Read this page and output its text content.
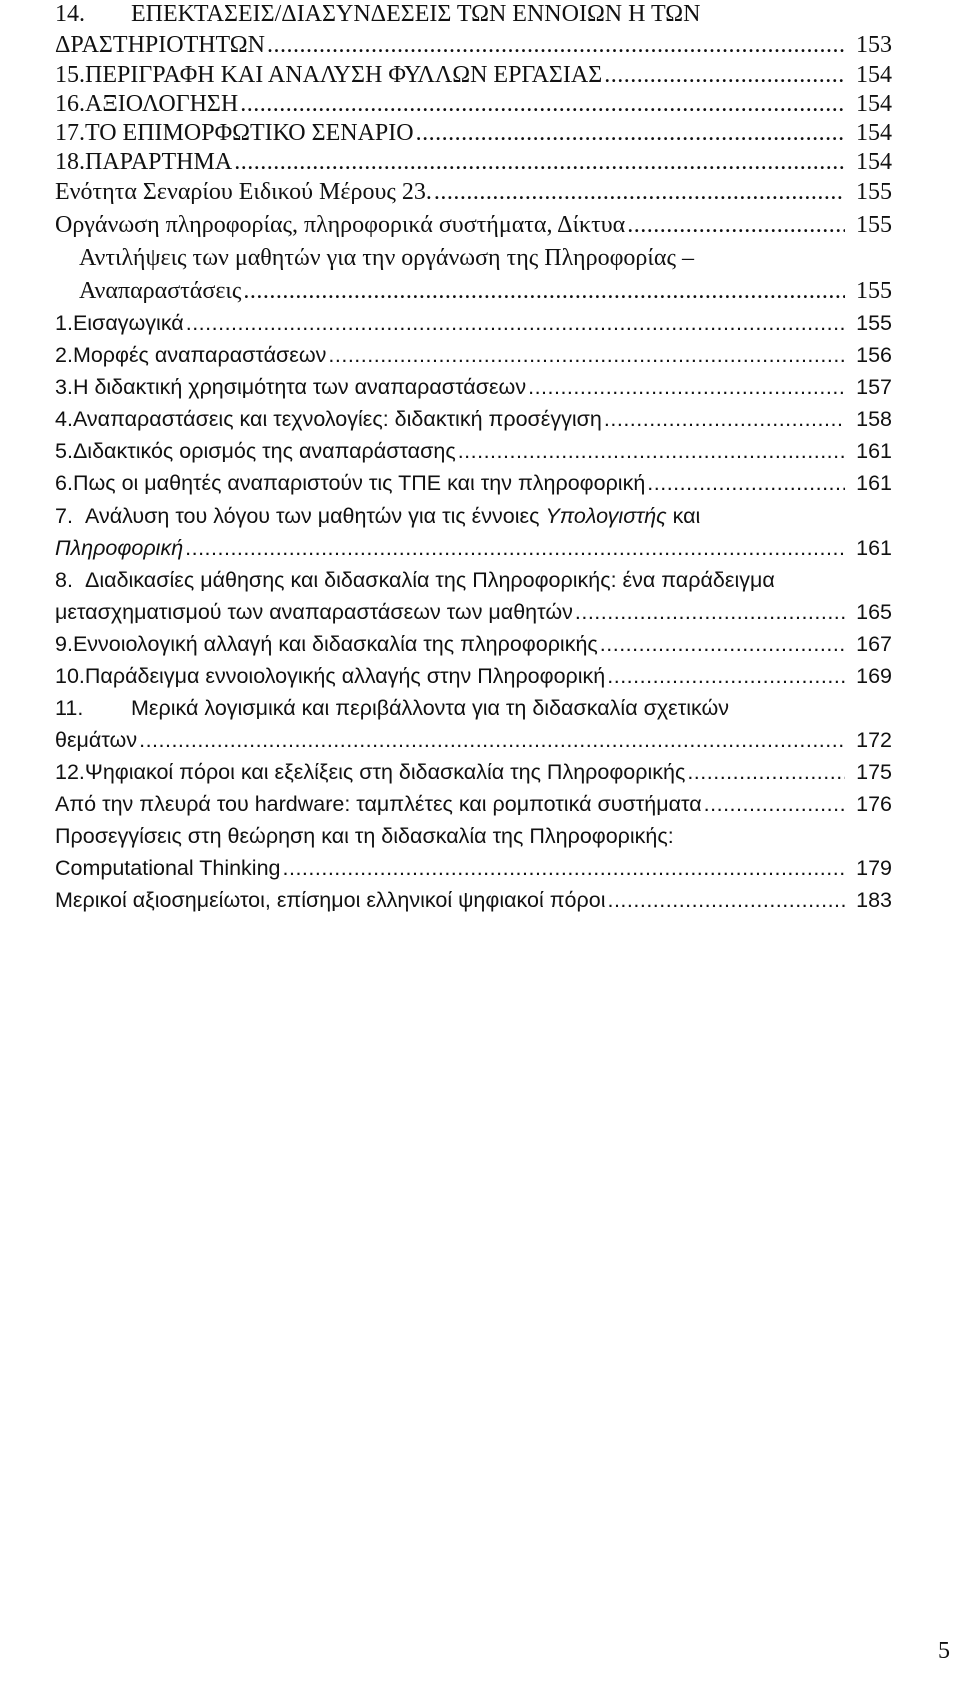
14. ΕΠΕΚΤΑΣΕΙΣ/ΔΙΑΣΥΝΔΕΣΕΙΣ ΤΩΝ ΕΝΝΟΙΩΝ Η ΤΩΝ
ΔΡΑΣΤΗΡΙΟΤΗΤΩΝ .....	153
15. ΠΕΡΙΓΡΑΦΗ ΚΑΙ ΑΝΑΛΥΣΗ ΦΥΛΛΩΝ ΕΡΓΑΣΙΑΣ .....	154
16. ΑΞΙΟΛΟΓΗΣΗ .....	154
17. ΤΟ ΕΠΙΜΟΡΦΩΤΙΚΟ ΣΕΝΑΡΙΟ .....	154
18. ΠΑΡΑΡΤΗΜΑ .....	154
Ενότητα Σεναρίου Ειδικού Μέρους 23. .....	155
Οργάνωση πληροφορίας, πληροφορικά συστήματα, Δίκτυα .....	155
Αντιλήψεις των μαθητών για την οργάνωση της Πληροφορίας –
Αναπαραστάσεις .....	155
1. Εισαγωγικά .....	155
2. Μορφές αναπαραστάσεων .....	156
3. Η διδακτική χρησιμότητα των αναπαραστάσεων .....	157
4. Αναπαραστάσεις και τεχνολογίες: διδακτική προσέγγιση .....	158
5. Διδακτικός ορισμός της αναπαράστασης .....	161
6. Πως οι μαθητές αναπαριστούν τις ΤΠΕ και την πληροφορική .....	161
7. Ανάλυση του λόγου των μαθητών για τις έννοιες Υπολογιστής και
Πληροφορική .....	161
8. Διαδικασίες μάθησης και διδασκαλία της Πληροφορικής: ένα παράδειγμα
μετασχηματισμού των αναπαραστάσεων των μαθητών .....	165
9. Εννοιολογική αλλαγή και διδασκαλία της πληροφορικής .....	167
10. Παράδειγμα εννοιολογικής αλλαγής στην Πληροφορική .....	169
11. Μερικά λογισμικά και περιβάλλοντα για τη διδασκαλία σχετικών
θεμάτων .....	172
12. Ψηφιακοί πόροι και εξελίξεις στη διδασκαλία της Πληροφορικής .....	175
Από την πλευρά του hardware: ταμπλέτες και ρομποτικά συστήματα .....	176
Προσεγγίσεις στη θεώρηση και τη διδασκαλία της Πληροφορικής:
Computational Thinking .....	179
Μερικοί αξιοσημείωτοι, επίσημοι ελληνικοί ψηφιακοί πόροι .....	183
5
